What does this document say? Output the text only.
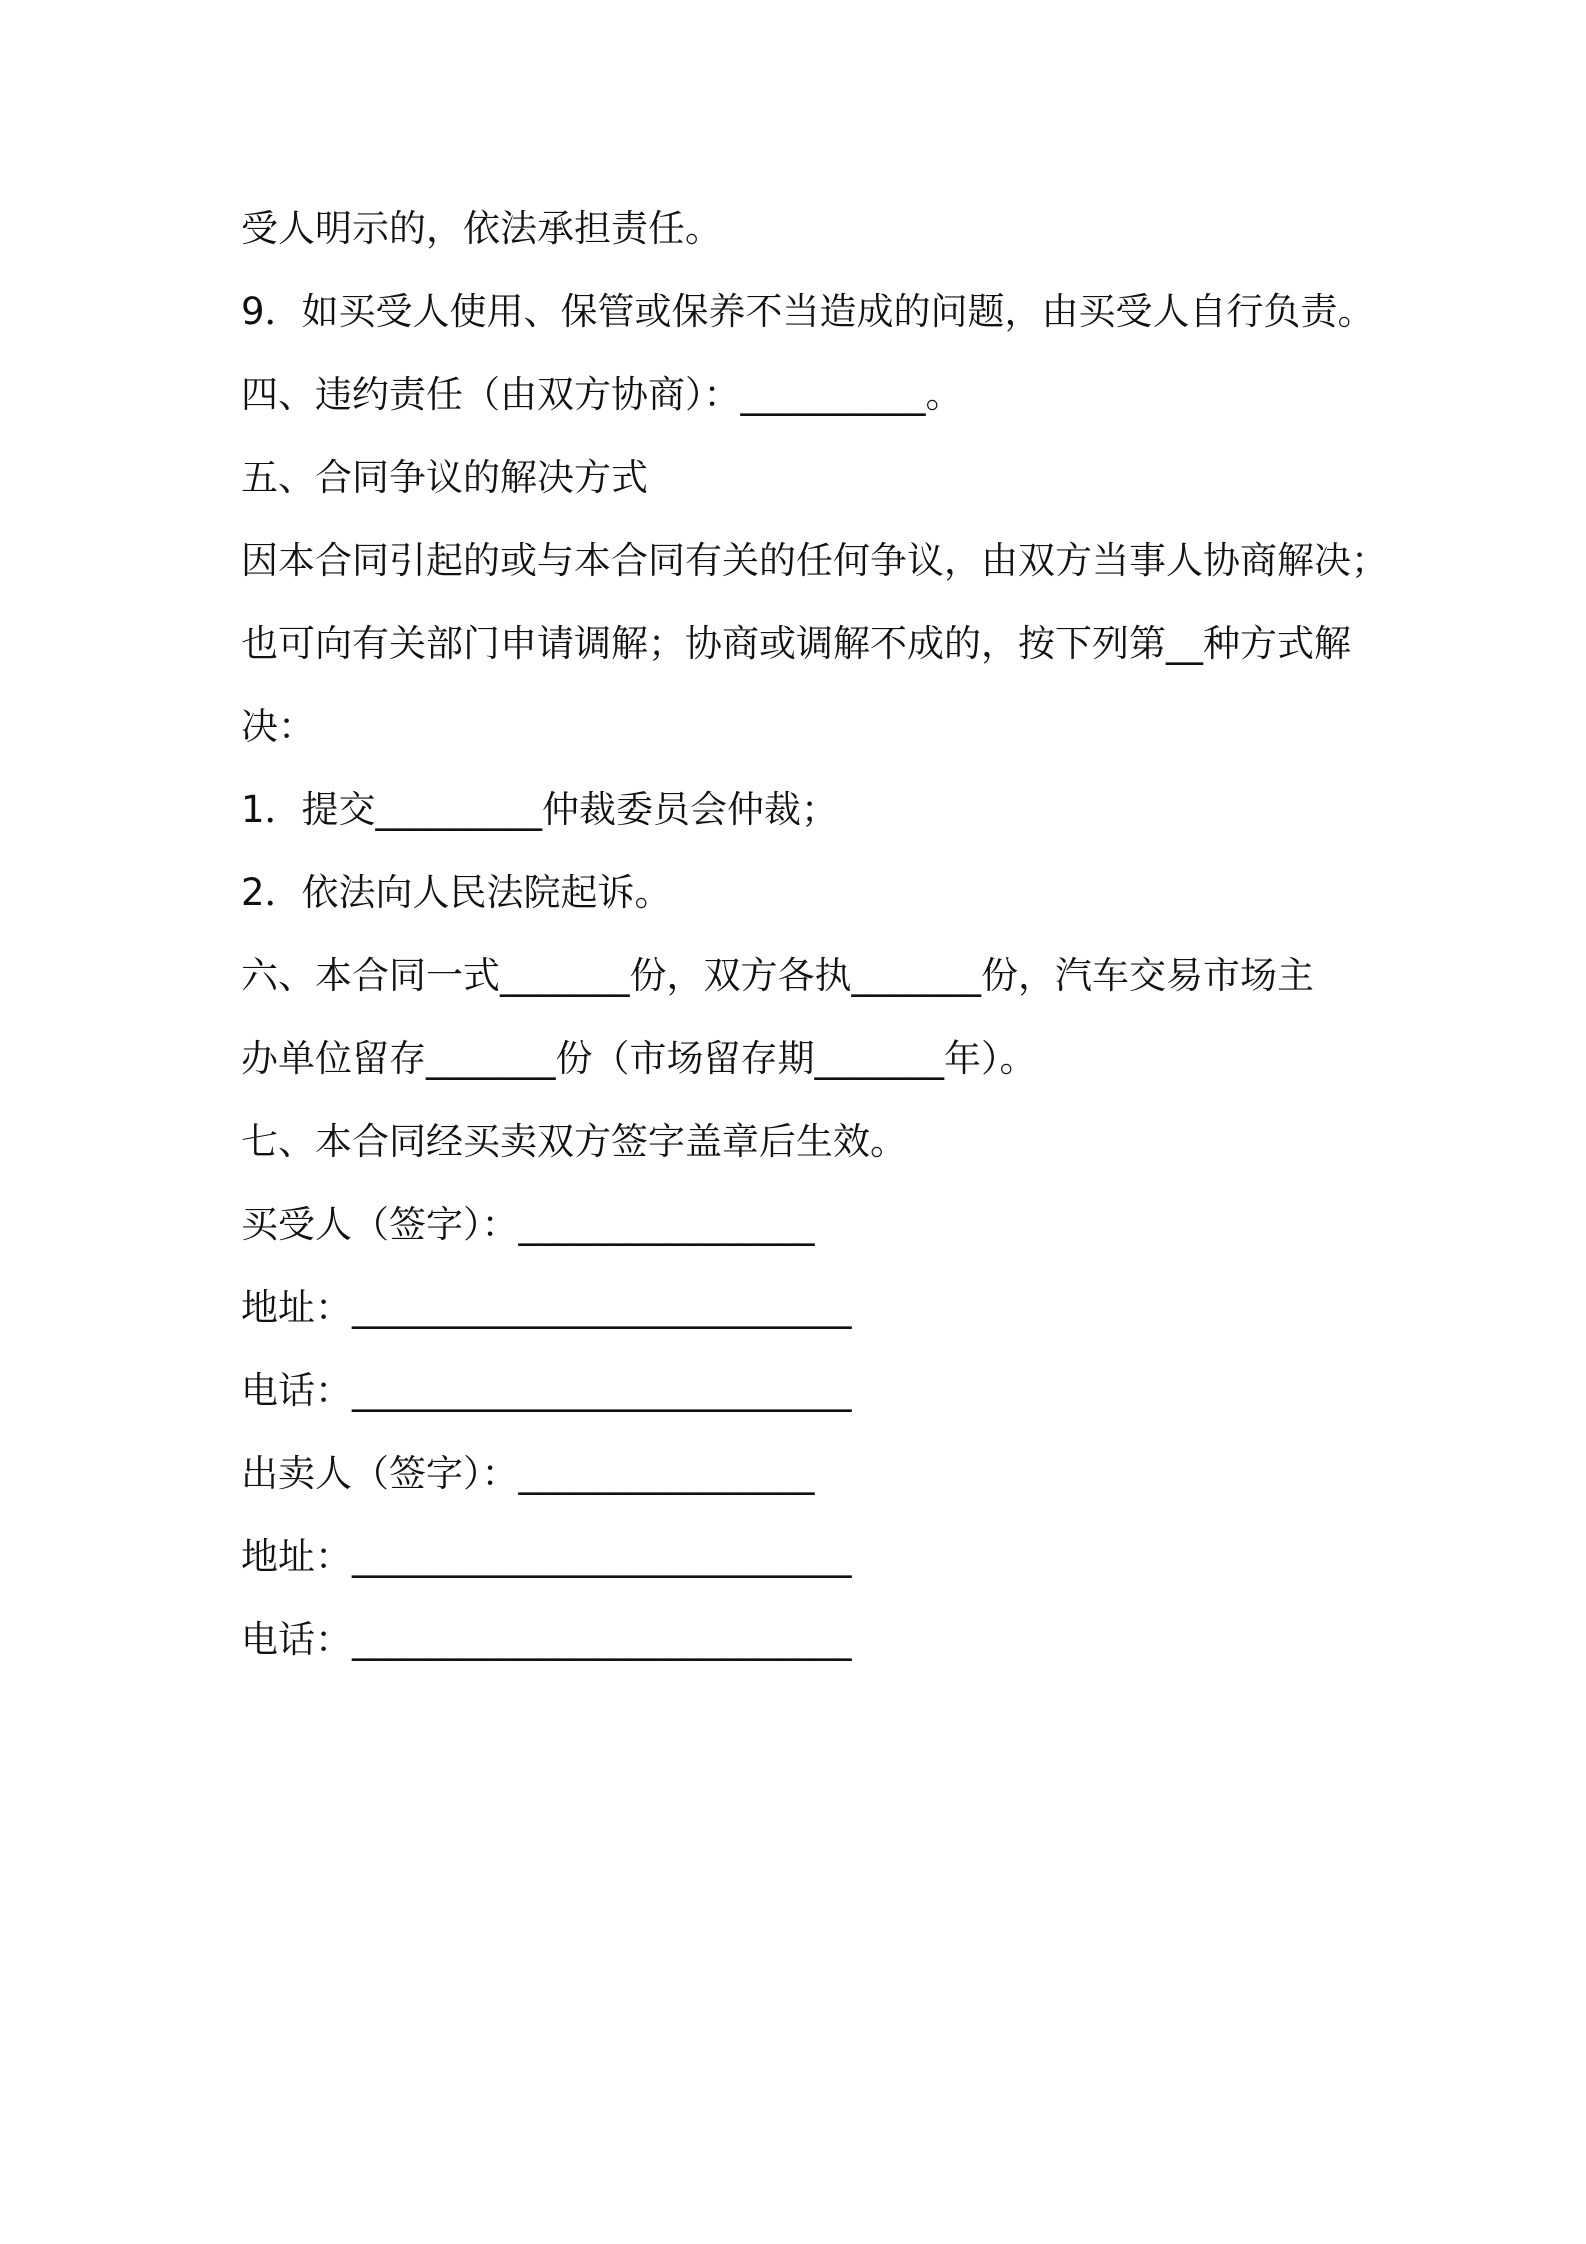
受人明示的，依法承担责任。
9．如买受人使用、保管或保养不当造成的问题，由买受人自行负责。
四、违约责任（由双方协商）：__________。
五、合同争议的解决方式
因本合同引起的或与本合同有关的任何争议，由双方当事人协商解决；
也可向有关部门申请调解；协商或调解不成的，按下列第__种方式解
决：
1．提交_________仲裁委员会仲裁；
2．依法向人民法院起诉。
六、本合同一式_______份，双方各执_______份，汽车交易市场主
办单位留存_______份（市场留存期_______年）。
七、本合同经买卖双方签字盖章后生效。
买受人（签字）：________________
地址：___________________________
电话：___________________________
出卖人（签字）：________________
地址：___________________________
电话：___________________________
